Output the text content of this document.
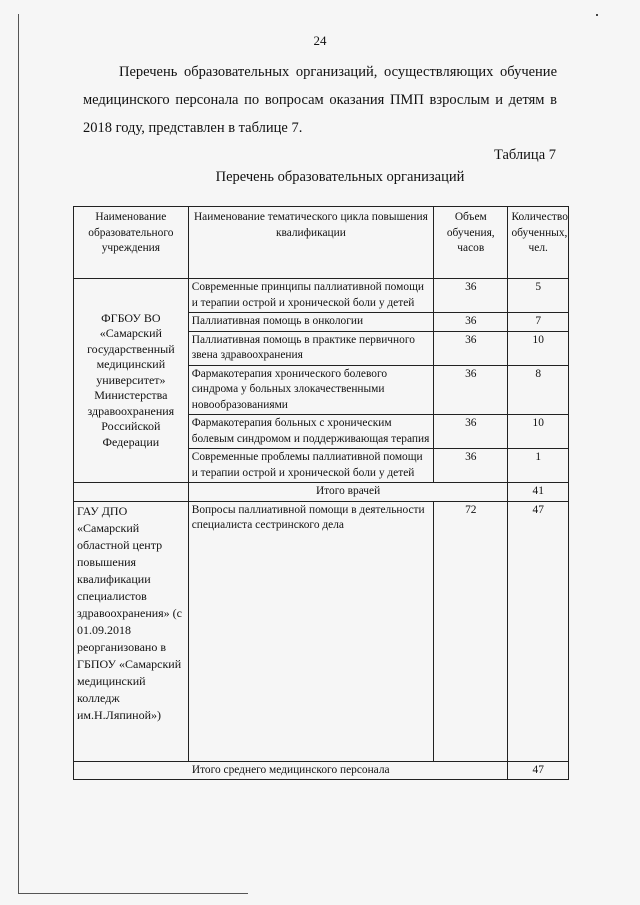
24
Перечень образовательных организаций, осуществляющих обучение медицинского персонала по вопросам оказания ПМП взрослым и детям в 2018 году, представлен в таблице 7.
Таблица 7
Перечень образовательных организаций
Наименование образовательного учреждения	Наименование тематического цикла повышения квалификации	Объем обучения, часов	Количество обученных, чел.
ФГБОУ ВО «Самарский государственный медицинский университет» Министерства здравоохранения Российской Федерации	Современные принципы паллиативной помощи и терапии острой и хронической боли у детей	36	5
	Паллиативная помощь в онкологии	36	7
	Паллиативная помощь в практике первичного звена здравоохранения	36	10
	Фармакотерапия хронического болевого синдрома у больных злокачественными новообразованиями	36	8
	Фармакотерапия больных с хроническим болевым синдромом и поддерживающая терапия	36	10
	Современные проблемы паллиативной помощи и терапии острой и хронической боли у детей	36	1
	Итого врачей		41
ГАУ ДПО «Самарский областной центр повышения квалификации специалистов здравоохранения» (с 01.09.2018 реорганизовано в ГБПОУ «Самарский медицинский колледж им.Н.Ляпиной»)	Вопросы паллиативной помощи в деятельности специалиста сестринского дела	72	47
Итого среднего медицинского персонала			47
